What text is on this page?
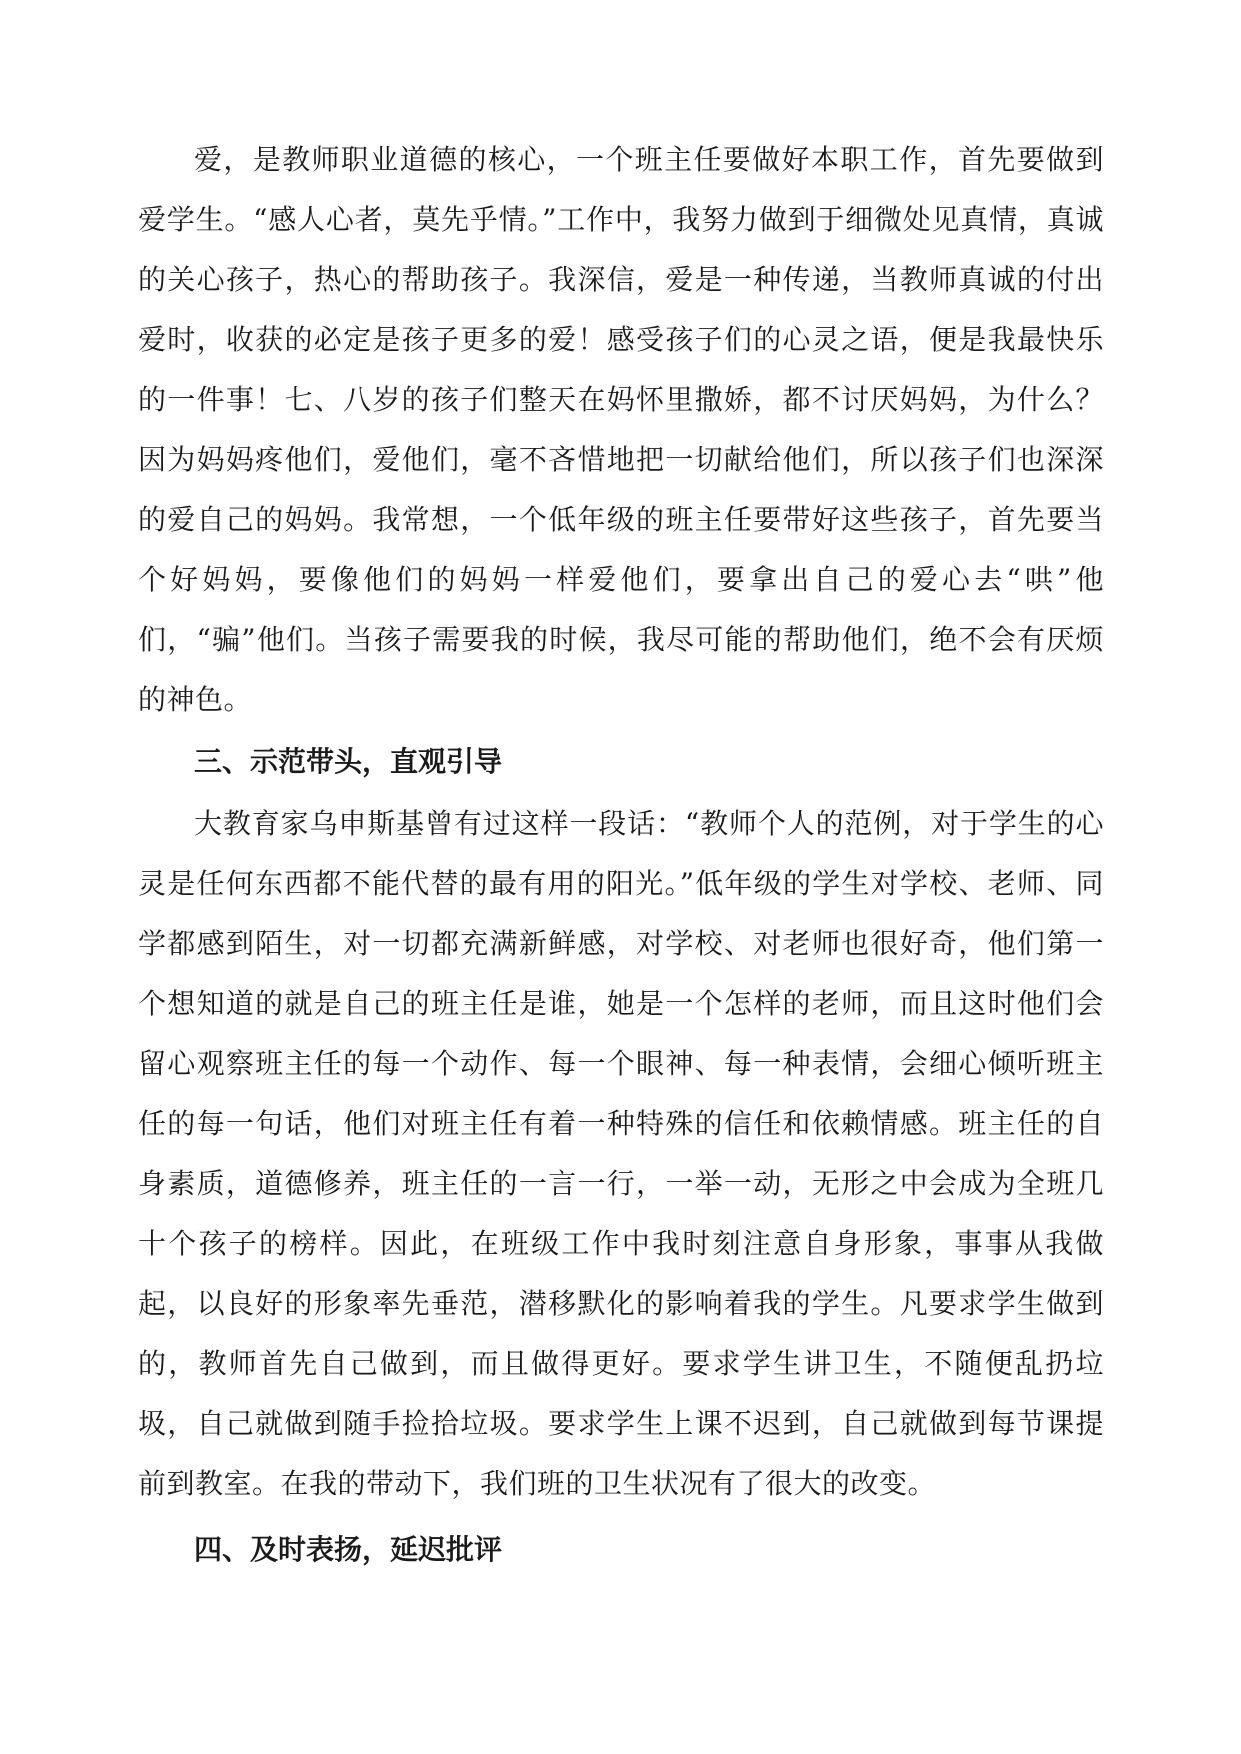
爱，是教师职业道德的核心，一个班主任要做好本职工作，首先要做到爱学生。“感人心者，莫先乎情。”工作中，我努力做到于细微处见真情，真诚的关心孩子，热心的帮助孩子。我深信，爱是一种传递，当教师真诚的付出爱时，收获的必定是孩子更多的爱！感受孩子们的心灵之语，便是我最快乐的一件事！七、八岁的孩子们整天在妈怀里撒娇，都不讨厌妈妈，为什么？因为妈妈疼他们，爱他们，毫不吝惜地把一切献给他们，所以孩子们也深深的爱自己的妈妈。我常想，一个低年级的班主任要带好这些孩子，首先要当个好妈妈，要像他们的妈妈一样爱他们，要拿出自己的爱心去“哄”他们，“骗”他们。当孩子需要我的时候，我尽可能的帮助他们，绝不会有厌烦的神色。

三、示范带头，直观引导

大教育家乌申斯基曾有过这样一段话：“教师个人的范例，对于学生的心灵是任何东西都不能代替的最有用的阳光。”低年级的学生对学校、老师、同学都感到陌生，对一切都充满新鲜感，对学校、对老师也很好奇，他们第一个想知道的就是自己的班主任是谁，她是一个怎样的老师，而且这时他们会留心观察班主任的每一个动作、每一个眼神、每一种表情，会细心倾听班主任的每一句话，他们对班主任有着一种特殊的信任和依赖情感。班主任的自身素质，道德修养，班主任的一言一行，一举一动，无形之中会成为全班几十个孩子的榜样。因此，在班级工作中我时刻注意自身形象，事事从我做起，以良好的形象率先垂范，潜移默化的影响着我的学生。凡要求学生做到的，教师首先自己做到，而且做得更好。要求学生讲卫生，不随便乱扔垃圾，自己就做到随手捡拾垃圾。要求学生上课不迟到，自己就做到每节课提前到教室。在我的带动下，我们班的卫生状况有了很大的改变。

四、及时表扬，延迟批评
